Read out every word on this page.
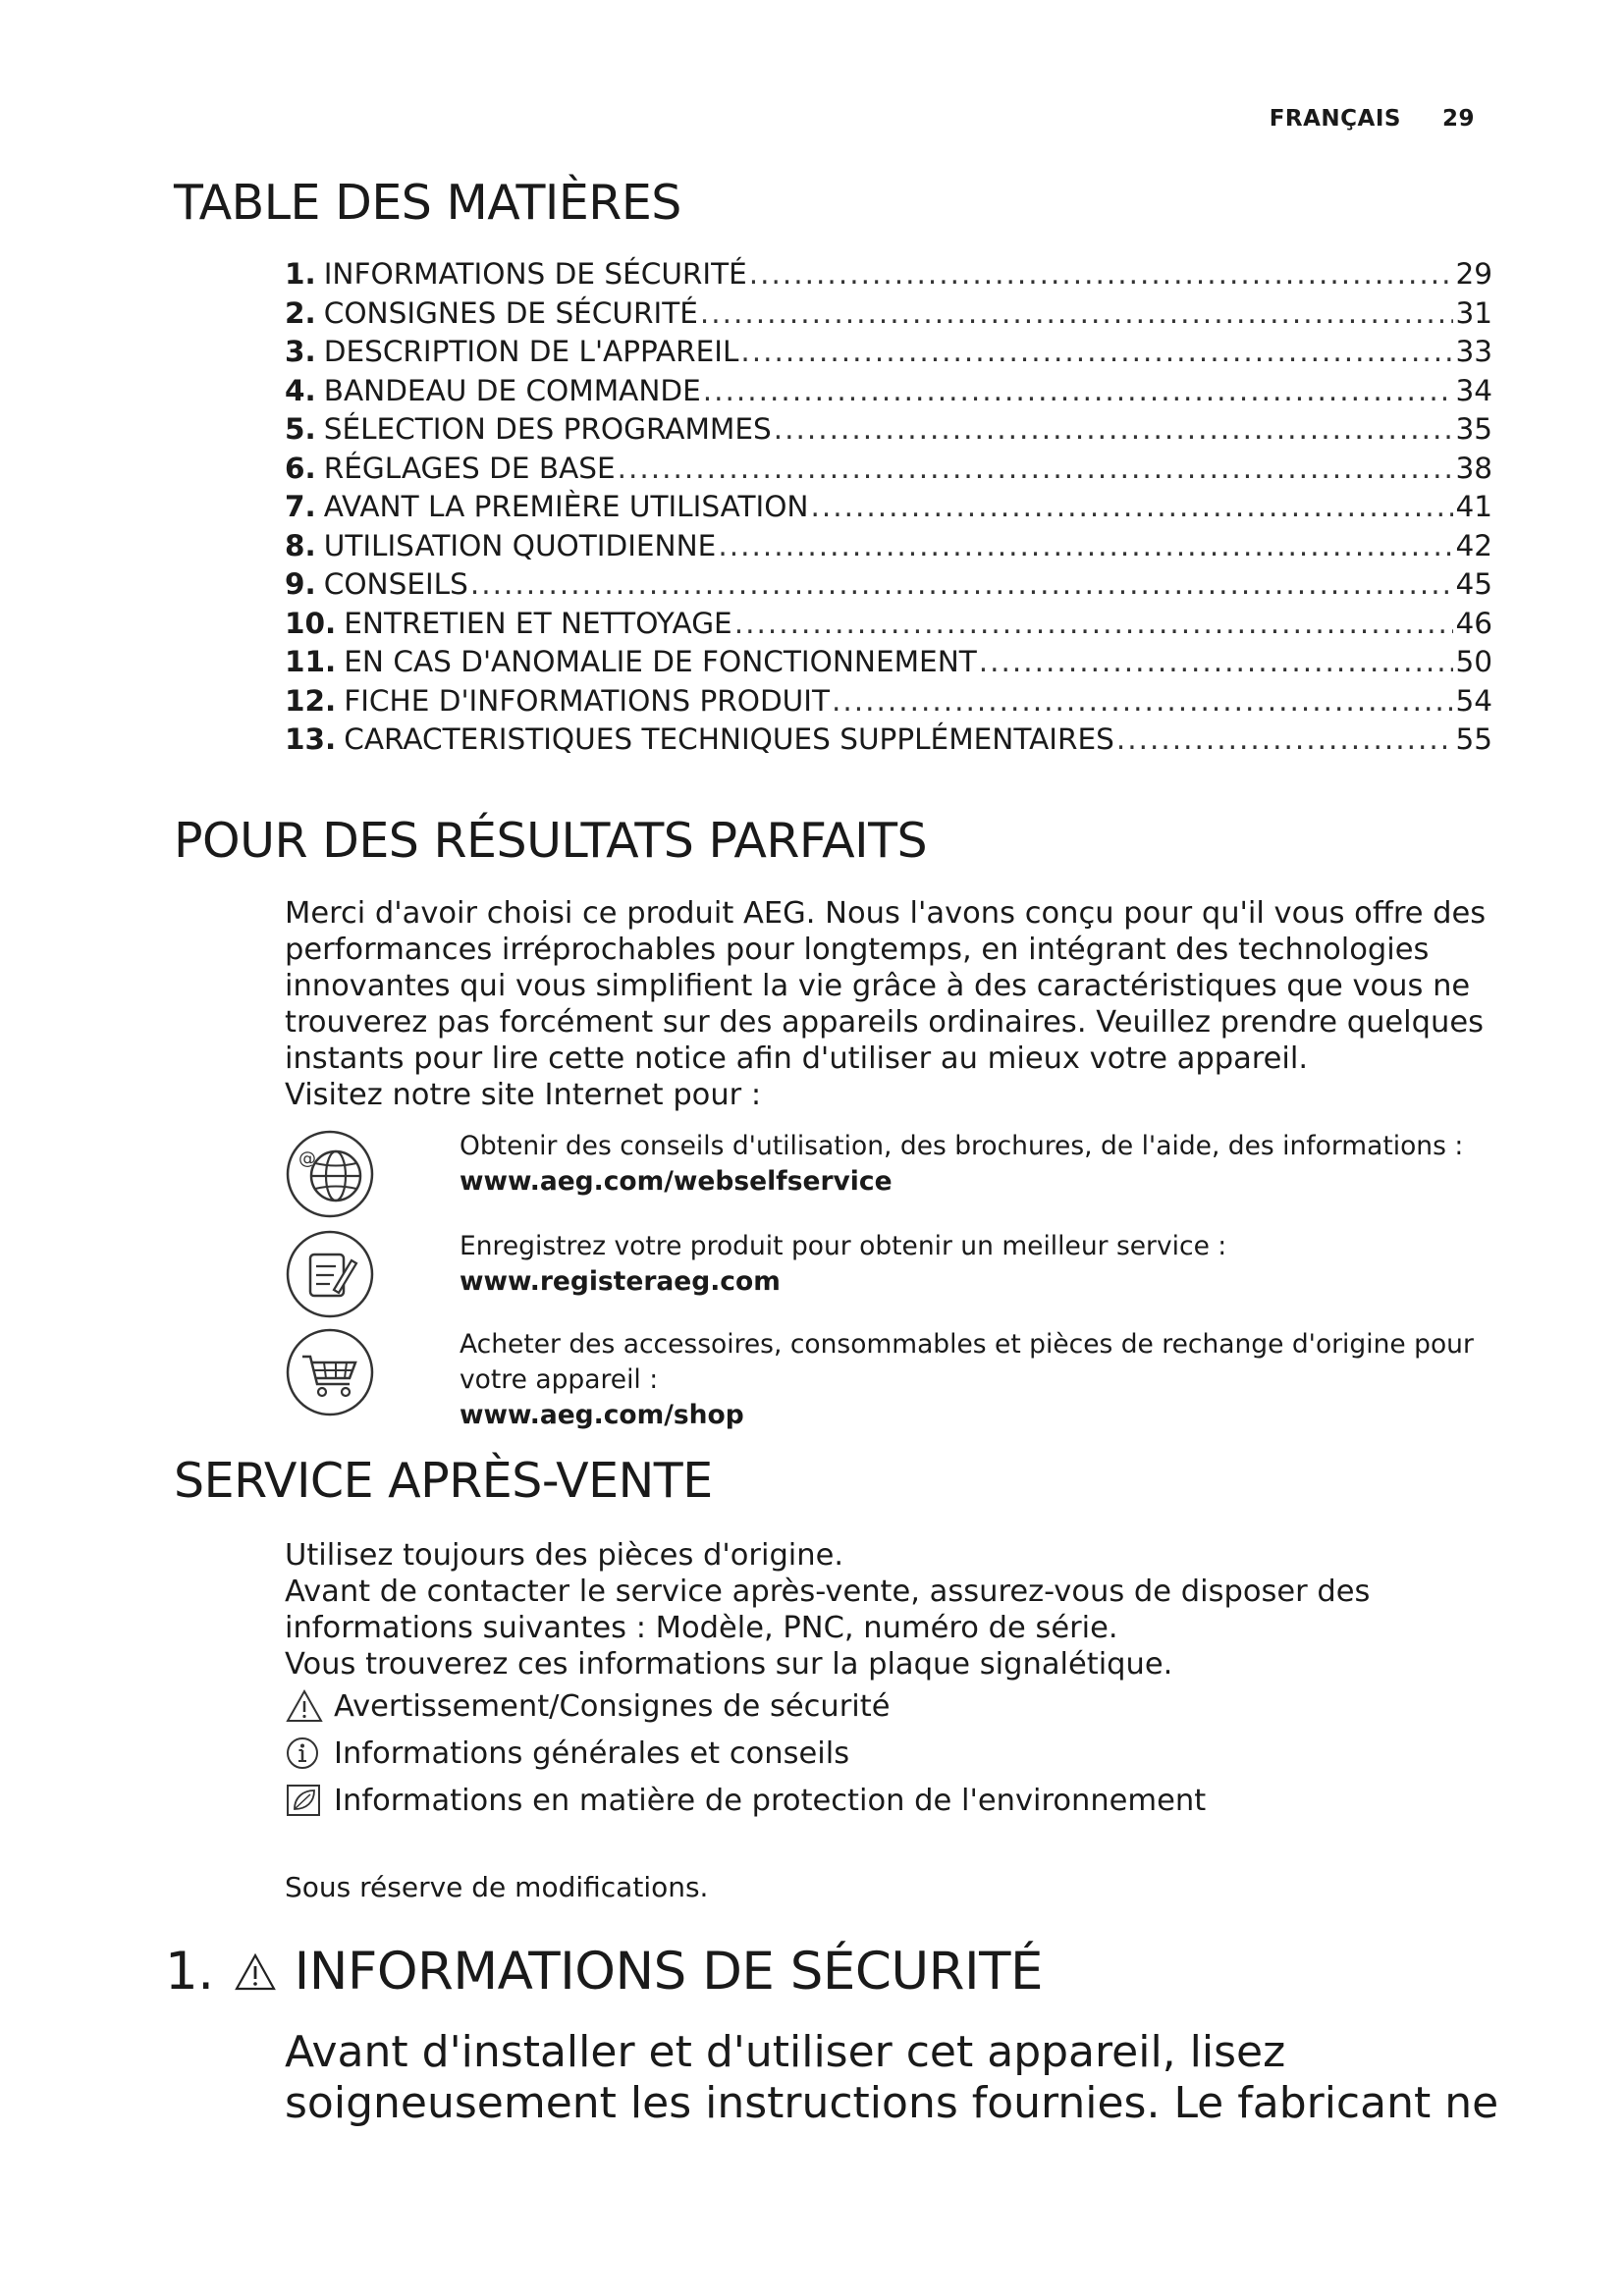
FRANÇAIS 29
TABLE DES MATIÈRES
1. INFORMATIONS DE SÉCURITÉ .....	29
2. CONSIGNES DE SÉCURITÉ .....	31
3. DESCRIPTION DE L'APPAREIL .....	33
4. BANDEAU DE COMMANDE .....	34
5. SÉLECTION DES PROGRAMMES .....	35
6. RÉGLAGES DE BASE .....	38
7. AVANT LA PREMIÈRE UTILISATION .....	41
8. UTILISATION QUOTIDIENNE .....	42
9. CONSEILS .....	45
10. ENTRETIEN ET NETTOYAGE .....	46
11. EN CAS D'ANOMALIE DE FONCTIONNEMENT .....	50
12. FICHE D'INFORMATIONS PRODUIT .....	54
13. CARACTERISTIQUES TECHNIQUES SUPPLÉMENTAIRES .....	55
POUR DES RÉSULTATS PARFAITS

Merci d'avoir choisi ce produit AEG. Nous l'avons conçu pour qu'il vous offre des performances irréprochables pour longtemps, en intégrant des technologies innovantes qui vous simplifient la vie grâce à des caractéristiques que vous ne trouverez pas forcément sur des appareils ordinaires. Veuillez prendre quelques instants pour lire cette notice afin d'utiliser au mieux votre appareil.

Visitez notre site Internet pour :

@	Obtenir des conseils d'utilisation, des brochures, de l'aide, des informations :
www.aeg.com/webselfservice
Enregistrez votre produit pour obtenir un meilleur service :
www.registeraeg.com
Acheter des accessoires, consommables et pièces de rechange d'origine pour votre appareil :
www.aeg.com/shop
SERVICE APRÈS-VENTE

Utilisez toujours des pièces d'origine.

Avant de contacter le service après-vente, assurez-vous de disposer des informations suivantes : Modèle, PNC, numéro de série.

Vous trouverez ces informations sur la plaque signalétique.

Avertissement/Consignes de sécurité
Informations générales et conseils
Informations en matière de protection de l'environnement
Sous réserve de modifications.
1. INFORMATIONS DE SÉCURITÉ

Avant d'installer et d'utiliser cet appareil, lisez soigneusement les instructions fournies. Le fabricant ne
